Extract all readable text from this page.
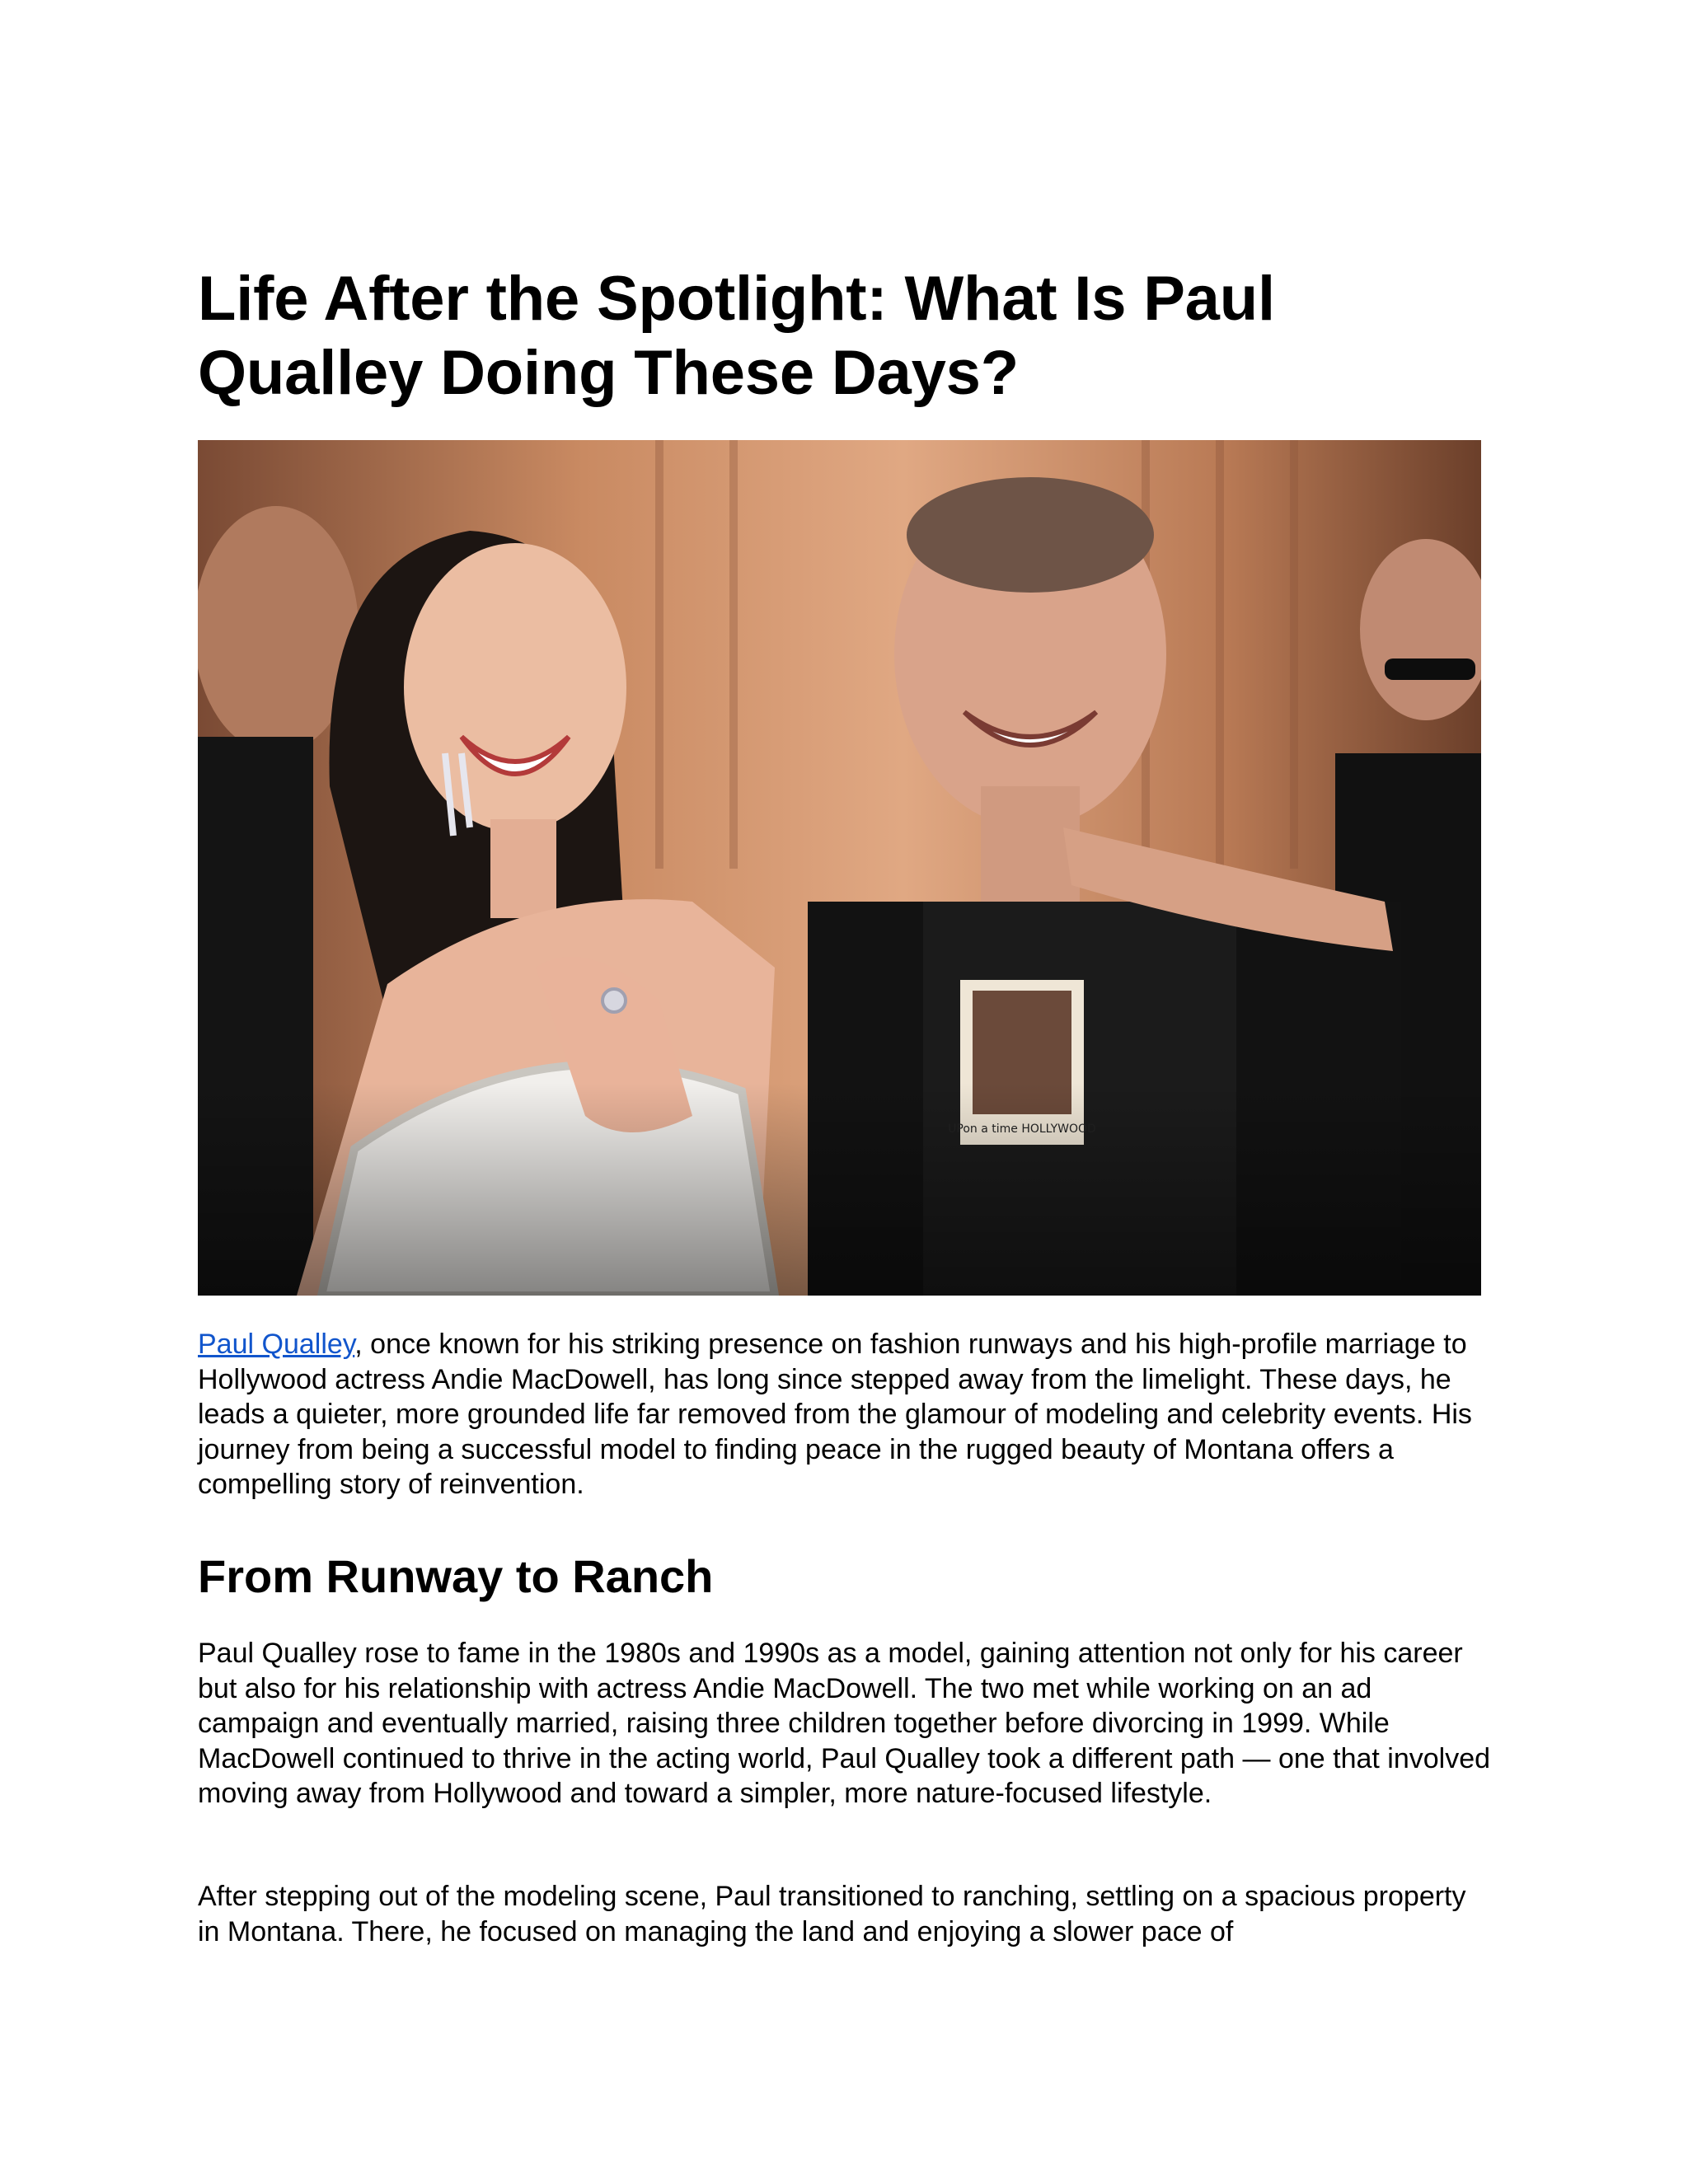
Life After the Spotlight: What Is Paul Qualley Doing These Days?

Paul Qualley, once known for his striking presence on fashion runways and his high-profile marriage to Hollywood actress Andie MacDowell, has long since stepped away from the limelight. These days, he leads a quieter, more grounded life far removed from the glamour of modeling and celebrity events. His journey from being a successful model to finding peace in the rugged beauty of Montana offers a compelling story of reinvention.

From Runway to Ranch

Paul Qualley rose to fame in the 1980s and 1990s as a model, gaining attention not only for his career but also for his relationship with actress Andie MacDowell. The two met while working on an ad campaign and eventually married, raising three children together before divorcing in 1999. While MacDowell continued to thrive in the acting world, Paul Qualley took a different path — one that involved moving away from Hollywood and toward a simpler, more nature-focused lifestyle.

After stepping out of the modeling scene, Paul transitioned to ranching, settling on a spacious property in Montana. There, he focused on managing the land and enjoying a slower pace of
